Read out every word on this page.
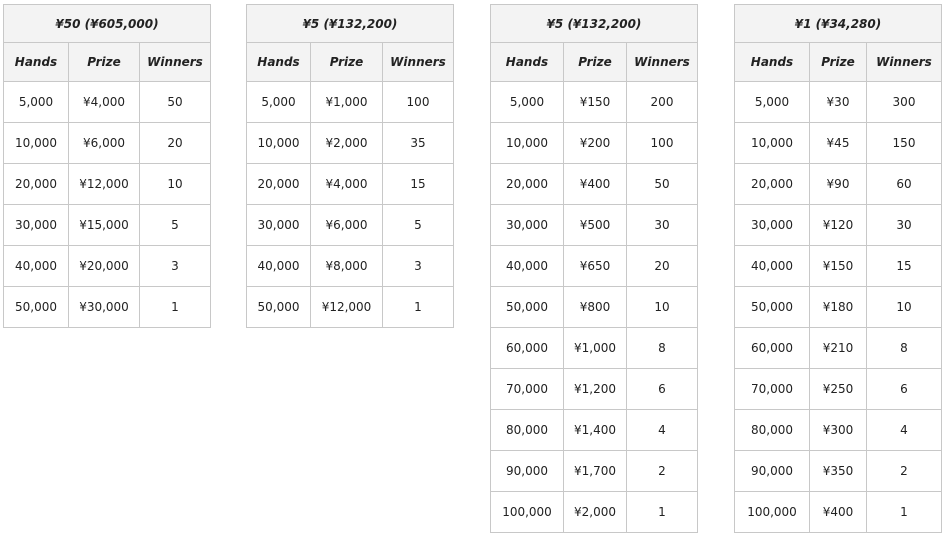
¥50 (¥605,000)		
Hands	Prize	Winners
5,000	¥4,000	50
10,000	¥6,000	20
20,000	¥12,000	10
30,000	¥15,000	5
40,000	¥20,000	3
50,000	¥30,000	1
¥5 (¥132,200)		
Hands	Prize	Winners
5,000	¥1,000	100
10,000	¥2,000	35
20,000	¥4,000	15
30,000	¥6,000	5
40,000	¥8,000	3
50,000	¥12,000	1
¥5 (¥132,200)		
Hands	Prize	Winners
5,000	¥150	200
10,000	¥200	100
20,000	¥400	50
30,000	¥500	30
40,000	¥650	20
50,000	¥800	10
60,000	¥1,000	8
70,000	¥1,200	6
80,000	¥1,400	4
90,000	¥1,700	2
100,000	¥2,000	1
¥1 (¥34,280)		
Hands	Prize	Winners
5,000	¥30	300
10,000	¥45	150
20,000	¥90	60
30,000	¥120	30
40,000	¥150	15
50,000	¥180	10
60,000	¥210	8
70,000	¥250	6
80,000	¥300	4
90,000	¥350	2
100,000	¥400	1
